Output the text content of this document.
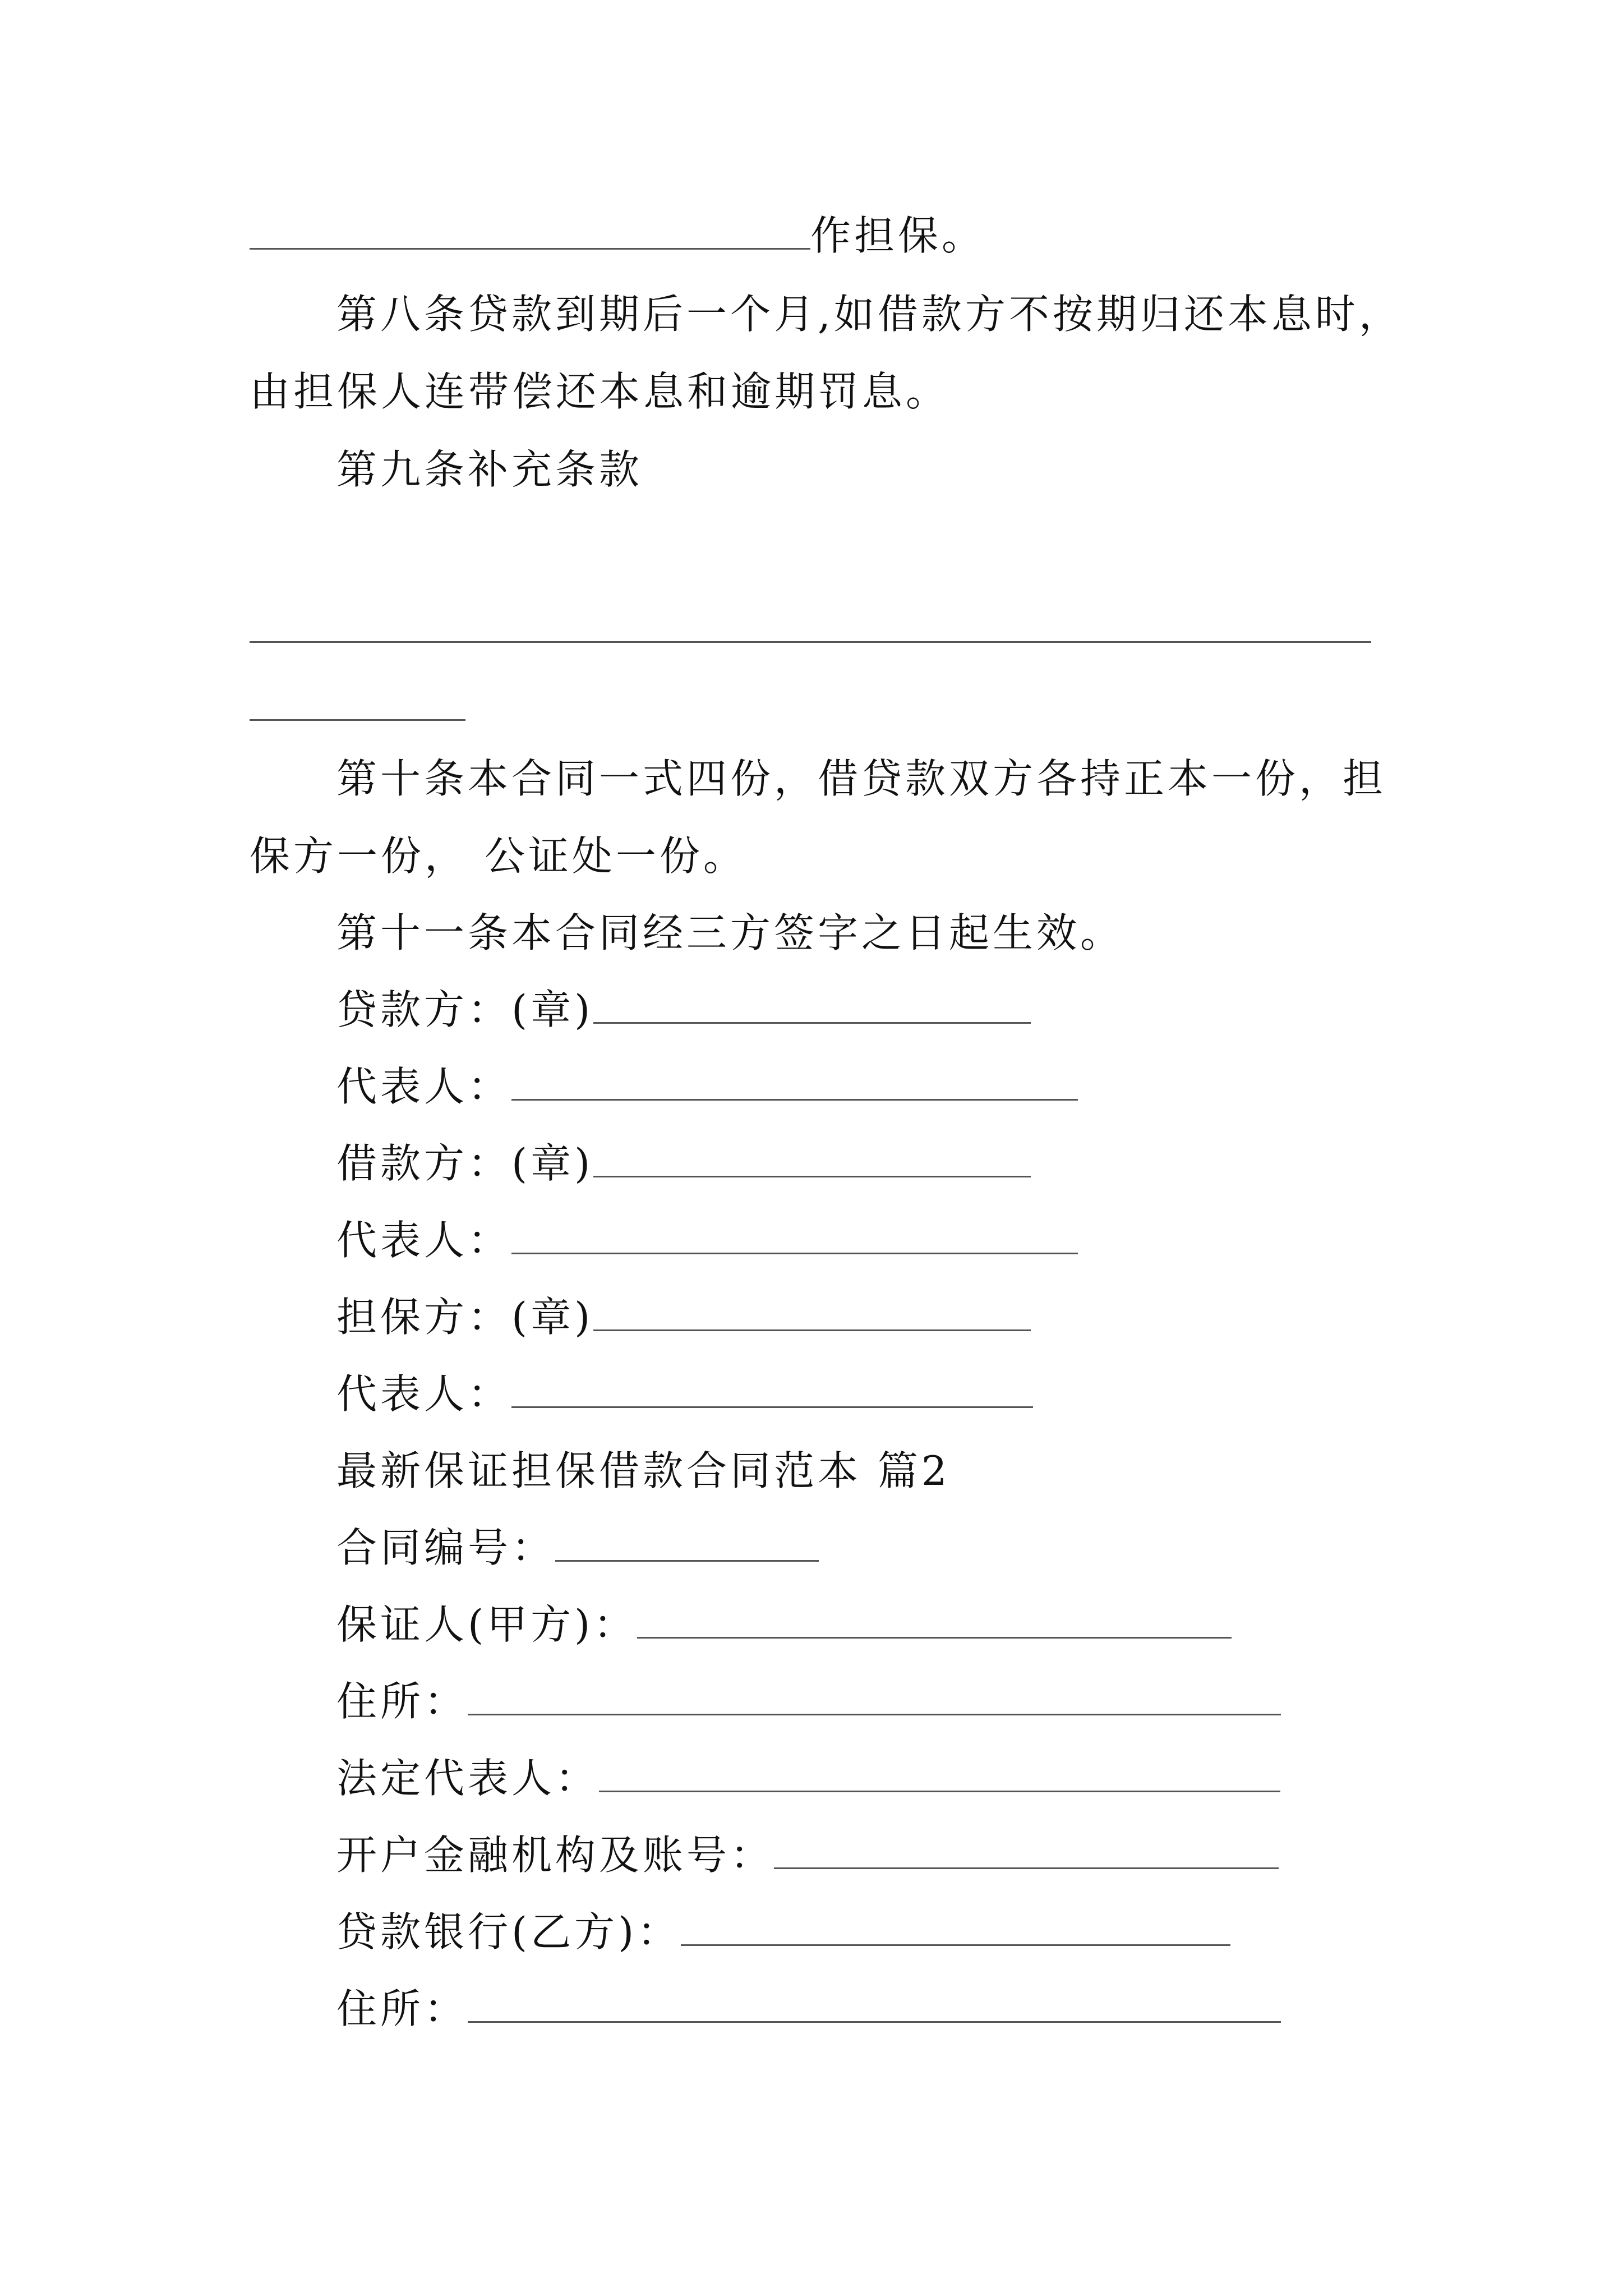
作担保。
第八条贷款到期后一个月,如借款方不按期归还本息时，
由担保人连带偿还本息和逾期罚息。
第九条补充条款
第十条本合同一式四份，借贷款双方各持正本一份，担
保方一份， 公证处一份。
第十一条本合同经三方签字之日起生效。
贷款方：(章)
代表人：
借款方：(章)
代表人：
担保方：(章)
代表人：
最新保证担保借款合同范本 篇2
合同编号：
保证人(甲方)：
住所：
法定代表人：
开户金融机构及账号：
贷款银行(乙方)：
住所：
